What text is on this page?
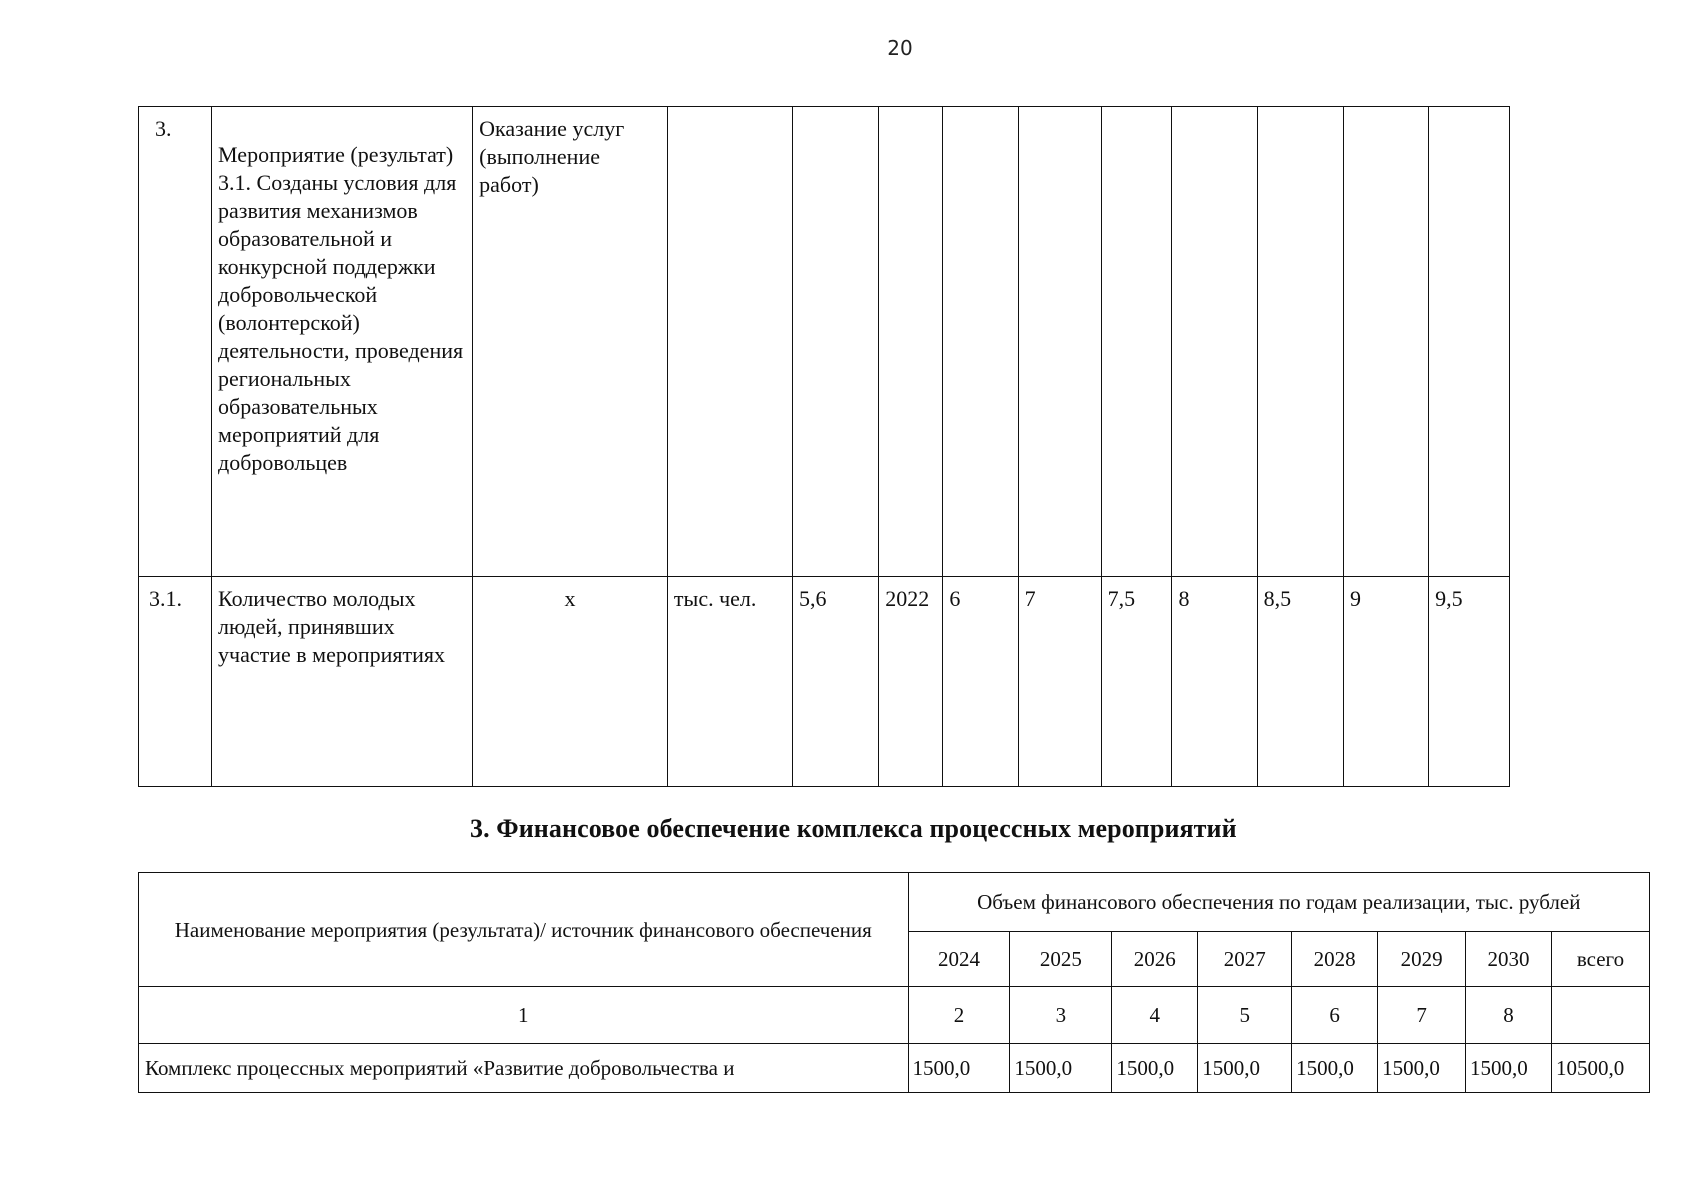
20
3.	Мероприятие (результат) 3.1. Созданы условия для развития механизмов образовательной и конкурсной поддержки добровольческой (волонтерской) деятельности, проведения региональных образовательных мероприятий для добровольцев	Оказание услуг (выполнение работ)										
3.1.	Количество молодых людей, принявших участие в мероприятиях	х	тыс. чел.	5,6	2022	6	7	7,5	8	8,5	9	9,5
3. Финансовое обеспечение комплекса процессных мероприятий
Наименование мероприятия (результата)/ источник финансового обеспечения	Объем финансового обеспечения по годам реализации, тыс. рублей							
	2024	2025	2026	2027	2028	2029	2030	всего
1	2	3	4	5	6	7	8	
Комплекс процессных мероприятий «Развитие добровольчества и	1500,0	1500,0	1500,0	1500,0	1500,0	1500,0	1500,0	10500,0
